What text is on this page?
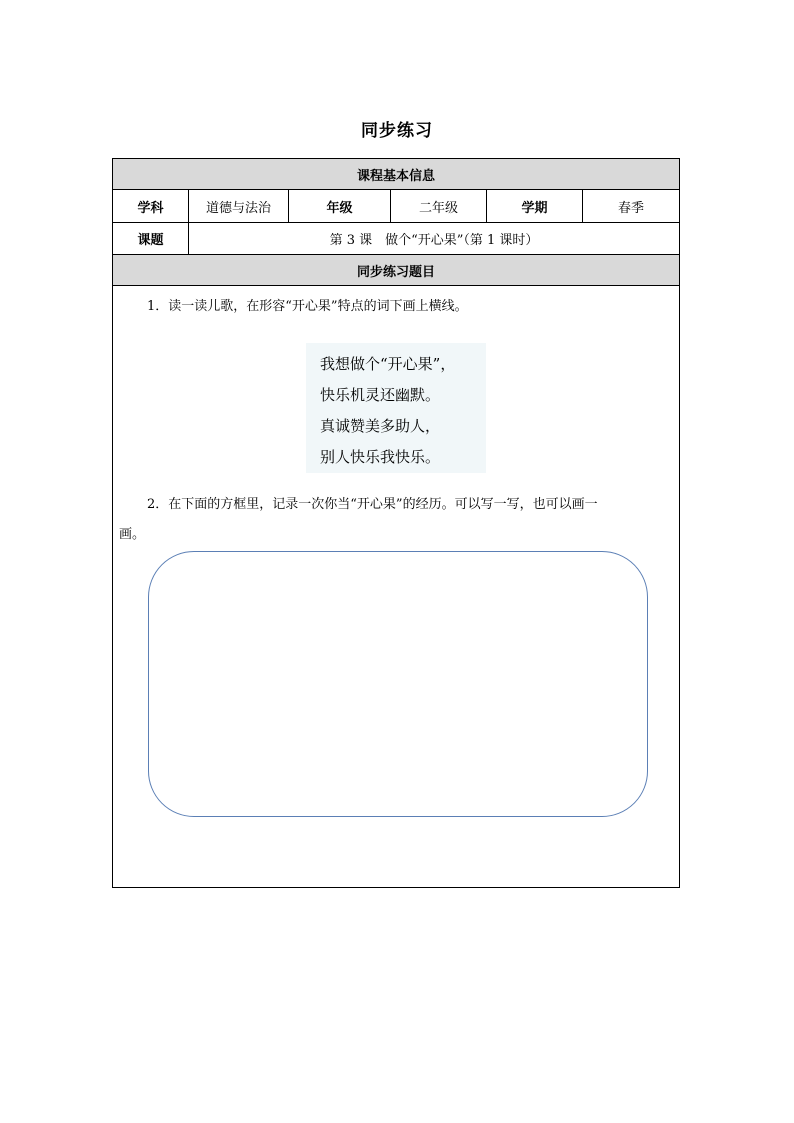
同步练习
课程基本信息
学科	道德与法治	年级	二年级	学期	春季
课题	第 3 课　做个“开心果”（第 1 课时）
同步练习题目
1．读一读儿歌，在形容“开心果”特点的词下画上横线。
我想做个“开心果”，
快乐机灵还幽默。
真诚赞美多助人，
别人快乐我快乐。
2．在下面的方框里，记录一次你当“开心果”的经历。可以写一写，也可以画一
画。
